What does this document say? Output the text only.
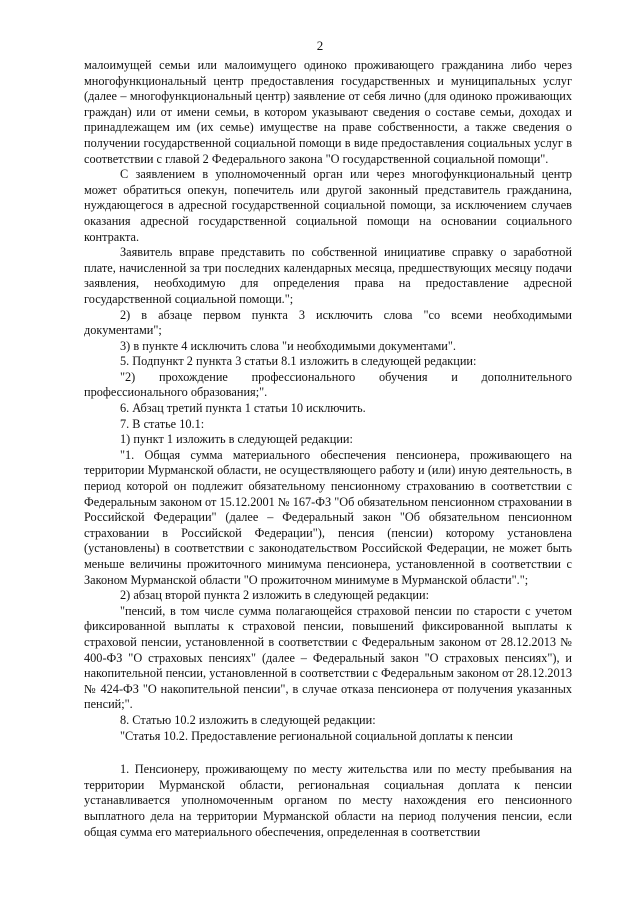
2

малоимущей семьи или малоимущего одиноко проживающего гражданина либо через многофункциональный центр предоставления государственных и муниципальных услуг (далее – многофункциональный центр) заявление от себя лично (для одиноко проживающих граждан) или от имени семьи, в котором указывают сведения о составе семьи, доходах и принадлежащем им (их семье) имуществе на праве собственности, а также сведения о получении государственной социальной помощи в виде предоставления социальных услуг в соответствии с главой 2 Федерального закона "О государственной социальной помощи".

С заявлением в уполномоченный орган или через многофункциональный центр может обратиться опекун, попечитель или другой законный представитель гражданина, нуждающегося в адресной государственной социальной помощи, за исключением случаев оказания адресной государственной социальной помощи на основании социального контракта.

Заявитель вправе представить по собственной инициативе справку о заработной плате, начисленной за три последних календарных месяца, предшествующих месяцу подачи заявления, необходимую для определения права на предоставление адресной государственной социальной помощи.";

2) в абзаце первом пункта 3 исключить слова "со всеми необходимыми документами";

3) в пункте 4 исключить слова "и необходимыми документами".

5. Подпункт 2 пункта 3 статьи 8.1 изложить в следующей редакции:

"2) прохождение профессионального обучения и дополнительного профессионального образования;".

6. Абзац третий пункта 1 статьи 10 исключить.

7. В статье 10.1:

1) пункт 1 изложить в следующей редакции:

"1. Общая сумма материального обеспечения пенсионера, проживающего на территории Мурманской области, не осуществляющего работу и (или) иную деятельность, в период которой он подлежит обязательному пенсионному страхованию в соответствии с Федеральным законом от 15.12.2001 № 167-ФЗ "Об обязательном пенсионном страховании в Российской Федерации" (далее – Федеральный закон "Об обязательном пенсионном страховании в Российской Федерации"), пенсия (пенсии) которому установлена (установлены) в соответствии с законодательством Российской Федерации, не может быть меньше величины прожиточного минимума пенсионера, установленной в соответствии с Законом Мурманской области "О прожиточном минимуме в Мурманской области".";

2) абзац второй пункта 2 изложить в следующей редакции:

"пенсий, в том числе сумма полагающейся страховой пенсии по старости с учетом фиксированной выплаты к страховой пенсии, повышений фиксированной выплаты к страховой пенсии, установленной в соответствии с Федеральным законом от 28.12.2013 № 400-ФЗ "О страховых пенсиях" (далее – Федеральный закон "О страховых пенсиях"), и накопительной пенсии, установленной в соответствии с Федеральным законом от 28.12.2013 № 424-ФЗ "О накопительной пенсии", в случае отказа пенсионера от получения указанных пенсий;".

8. Статью 10.2 изложить в следующей редакции:

"Статья 10.2. Предоставление региональной социальной доплаты к пенсии

1. Пенсионеру, проживающему по месту жительства или по месту пребывания на территории Мурманской области, региональная социальная доплата к пенсии устанавливается уполномоченным органом по месту нахождения его пенсионного выплатного дела на территории Мурманской области на период получения пенсии, если общая сумма его материального обеспечения, определенная в соответствии
